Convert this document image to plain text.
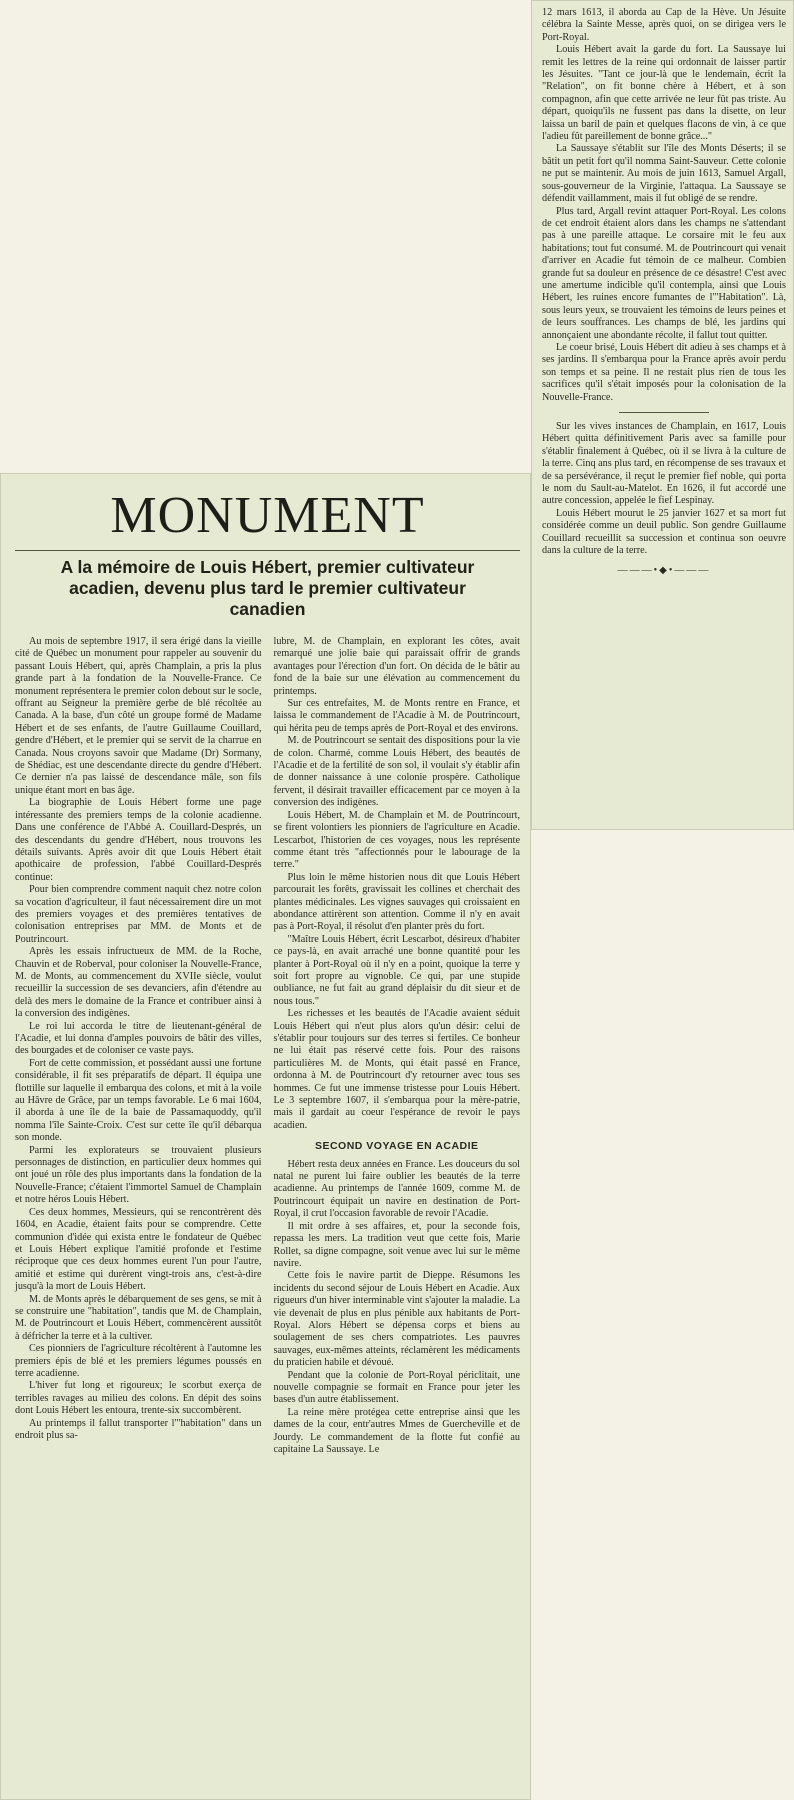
12 mars 1613, il aborda au Cap de la Hève. Un Jésuite célébra la Sainte Messe, après quoi, on se dirigea vers le Port-Royal.

Louis Hébert avait la garde du fort. La Saussaye lui remit les lettres de la reine qui ordonnait de laisser partir les Jésuites. "Tant ce jour-là que le lendemain, écrit la "Relation", on fit bonne chère à Hébert, et à son compagnon, afin que cette arrivée ne leur fût pas triste. Au départ, quoiqu'ils ne fussent pas dans la disette, on leur laissa un baril de pain et quelques flacons de vin, à ce que l'adieu fût pareillement de bonne grâce..."

La Saussaye s'établit sur l'île des Monts Déserts; il se bâtit un petit fort qu'il nomma Saint-Sauveur. Cette colonie ne put se maintenir. Au mois de juin 1613, Samuel Argall, sous-gouverneur de la Virginie, l'attaqua. La Saussaye se défendit vaillamment, mais il fut obligé de se rendre.

Plus tard, Argall revint attaquer Port-Royal. Les colons de cet endroit étaient alors dans les champs ne s'attendant pas à une pareille attaque. Le corsaire mit le feu aux habitations; tout fut consumé. M. de Poutrincourt qui venait d'arriver en Acadie fut témoin de ce malheur. Combien grande fut sa douleur en présence de ce désastre! C'est avec une amertume indicible qu'il contempla, ainsi que Louis Hébert, les ruines encore fumantes de l'"Habitation". Là, sous leurs yeux, se trouvaient les témoins de leurs peines et de leurs souffrances. Les champs de blé, les jardins qui annonçaient une abondante récolte, il fallut tout quitter.

Le coeur brisé, Louis Hébert dit adieu à ses champs et à ses jardins. Il s'embarqua pour la France après avoir perdu son temps et sa peine. Il ne restait plus rien de tous les sacrifices qu'il s'était imposés pour la colonisation de la Nouvelle-France.

Sur les vives instances de Champlain, en 1617, Louis Hébert quitta définitivement Paris avec sa famille pour s'établir finalement à Québec, où il se livra à la culture de la terre. Cinq ans plus tard, en récompense de ses travaux et de sa persévérance, il reçut le premier fief noble, qui porta le nom du Sault-au-Matelot. En 1626, il fut accordé une autre concession, appelée le fief Lespinay.

Louis Hébert mourut le 25 janvier 1627 et sa mort fut considérée comme un deuil public. Son gendre Guillaume Couillard recueillit sa succession et continua son oeuvre dans la culture de la terre.

———•◆•———
MONUMENT
A la mémoire de Louis Hébert, premier cultivateur acadien, devenu plus tard le premier cultivateur canadien

Au mois de septembre 1917, il sera érigé dans la vieille cité de Québec un monument pour rappeler au souvenir du passant Louis Hébert, qui, après Champlain, a pris la plus grande part à la fondation de la Nouvelle-France. Ce monument représentera le premier colon debout sur le socle, offrant au Seigneur la première gerbe de blé récoltée au Canada. A la base, d'un côté un groupe formé de Madame Hébert et de ses enfants, de l'autre Guillaume Couillard, gendre d'Hébert, et le premier qui se servit de la charrue en Canada. Nous croyons savoir que Madame (Dr) Sormany, de Shédiac, est une descendante directe du gendre d'Hébert. Ce dernier n'a pas laissé de descendance mâle, son fils unique étant mort en bas âge.

La biographie de Louis Hébert forme une page intéressante des premiers temps de la colonie acadienne. Dans une conférence de l'Abbé A. Couillard-Després, un des descendants du gendre d'Hébert, nous trouvons les détails suivants. Après avoir dit que Louis Hébert était apothicaire de profession, l'abbé Couillard-Després continue:

Pour bien comprendre comment naquit chez notre colon sa vocation d'agriculteur, il faut nécessairement dire un mot des premiers voyages et des premières tentatives de colonisation entreprises par MM. de Monts et de Poutrincourt.

Après les essais infructueux de MM. de la Roche, Chauvin et de Roberval, pour coloniser la Nouvelle-France, M. de Monts, au commencement du XVIIe siècle, voulut recueillir la succession de ses devanciers, afin d'étendre au delà des mers le domaine de la France et contribuer ainsi à la conversion des indigènes.

Le roi lui accorda le titre de lieutenant-général de l'Acadie, et lui donna d'amples pouvoirs de bâtir des villes, des bourgades et de coloniser ce vaste pays.

Fort de cette commission, et possédant aussi une fortune considérable, il fit ses préparatifs de départ. Il équipa une flottille sur laquelle il embarqua des colons, et mit à la voile au Hâvre de Grâce, par un temps favorable. Le 6 mai 1604, il aborda à une île de la baie de Passamaquoddy, qu'il nomma l'île Sainte-Croix. C'est sur cette île qu'il débarqua son monde.

Parmi les explorateurs se trouvaient plusieurs personnages de distinction, en particulier deux hommes qui ont joué un rôle des plus importants dans la fondation de la Nouvelle-France; c'étaient l'immortel Samuel de Champlain et notre héros Louis Hébert.

Ces deux hommes, Messieurs, qui se rencontrèrent dès 1604, en Acadie, étaient faits pour se comprendre. Cette communion d'idée qui exista entre le fondateur de Québec et Louis Hébert explique l'amitié profonde et l'estime réciproque que ces deux hommes eurent l'un pour l'autre, amitié et estime qui durèrent vingt-trois ans, c'est-à-dire jusqu'à la mort de Louis Hébert.

M. de Monts après le débarquement de ses gens, se mit à se construire une "habitation", tandis que M. de Champlain, M. de Poutrincourt et Louis Hébert, commencèrent aussitôt à défricher la terre et à la cultiver.

Ces pionniers de l'agriculture récoltèrent à l'automne les premiers épis de blé et les premiers légumes poussés en terre acadienne.

L'hiver fut long et rigoureux; le scorbut exerça de terribles ravages au milieu des colons. En dépit des soins dont Louis Hébert les entoura, trente-six succombèrent.

Au printemps il fallut transporter l'"habitation" dans un endroit plus sa-

lubre, M. de Champlain, en explorant les côtes, avait remarqué une jolie baie qui paraissait offrir de grands avantages pour l'érection d'un fort. On décida de le bâtir au fond de la baie sur une élévation au commencement du printemps.

Sur ces entrefaites, M. de Monts rentre en France, et laissa le commandement de l'Acadie à M. de Poutrincourt, qui hérita peu de temps après de Port-Royal et des environs.

M. de Poutrincourt se sentait des dispositions pour la vie de colon. Charmé, comme Louis Hébert, des beautés de l'Acadie et de la fertilité de son sol, il voulait s'y établir afin de donner naissance à une colonie prospère. Catholique fervent, il désirait travailler efficacement par ce moyen à la conversion des indigènes.

Louis Hébert, M. de Champlain et M. de Poutrincourt, se firent volontiers les pionniers de l'agriculture en Acadie. Lescarbot, l'historien de ces voyages, nous les représente comme étant très "affectionnés pour le labourage de la terre."

Plus loin le même historien nous dit que Louis Hébert parcourait les forêts, gravissait les collines et cherchait des plantes médicinales. Les vignes sauvages qui croissaient en abondance attirèrent son attention. Comme il n'y en avait pas à Port-Royal, il résolut d'en planter près du fort.

"Maître Louis Hébert, écrit Lescarbot, désireux d'habiter ce pays-là, en avait arraché une bonne quantité pour les planter à Port-Royal où il n'y en a point, quoique la terre y soit fort propre au vignoble. Ce qui, par une stupide oubliance, ne fut fait au grand déplaisir du dit sieur et de nous tous."

Les richesses et les beautés de l'Acadie avaient séduit Louis Hébert qui n'eut plus alors qu'un désir: celui de s'établir pour toujours sur des terres si fertiles. Ce bonheur ne lui était pas réservé cette fois. Pour des raisons particulières M. de Monts, qui était passé en France, ordonna à M. de Poutrincourt d'y retourner avec tous ses hommes. Ce fut une immense tristesse pour Louis Hébert. Le 3 septembre 1607, il s'embarqua pour la mère-patrie, mais il gardait au coeur l'espérance de revoir le pays acadien.

SECOND VOYAGE EN ACADIE

Hébert resta deux années en France. Les douceurs du sol natal ne purent lui faire oublier les beautés de la terre acadienne. Au printemps de l'année 1609, comme M. de Poutrincourt équipait un navire en destination de Port-Royal, il crut l'occasion favorable de revoir l'Acadie.

Il mit ordre à ses affaires, et, pour la seconde fois, repassa les mers. La tradition veut que cette fois, Marie Rollet, sa digne compagne, soit venue avec lui sur le même navire.

Cette fois le navire partit de Dieppe. Résumons les incidents du second séjour de Louis Hébert en Acadie. Aux rigueurs d'un hiver interminable vint s'ajouter la maladie. La vie devenait de plus en plus pénible aux habitants de Port-Royal. Alors Hébert se dépensa corps et biens au soulagement de ses chers compatriotes. Les pauvres sauvages, eux-mêmes atteints, réclamèrent les médicaments du praticien habile et dévoué.

Pendant que la colonie de Port-Royal périclitait, une nouvelle compagnie se formait en France pour jeter les bases d'un autre établissement.

La reine mère protégea cette entreprise ainsi que les dames de la cour, entr'autres Mmes de Guercheville et de Jourdy. Le commandement de la flotte fut confié au capitaine La Saussaye. Le
